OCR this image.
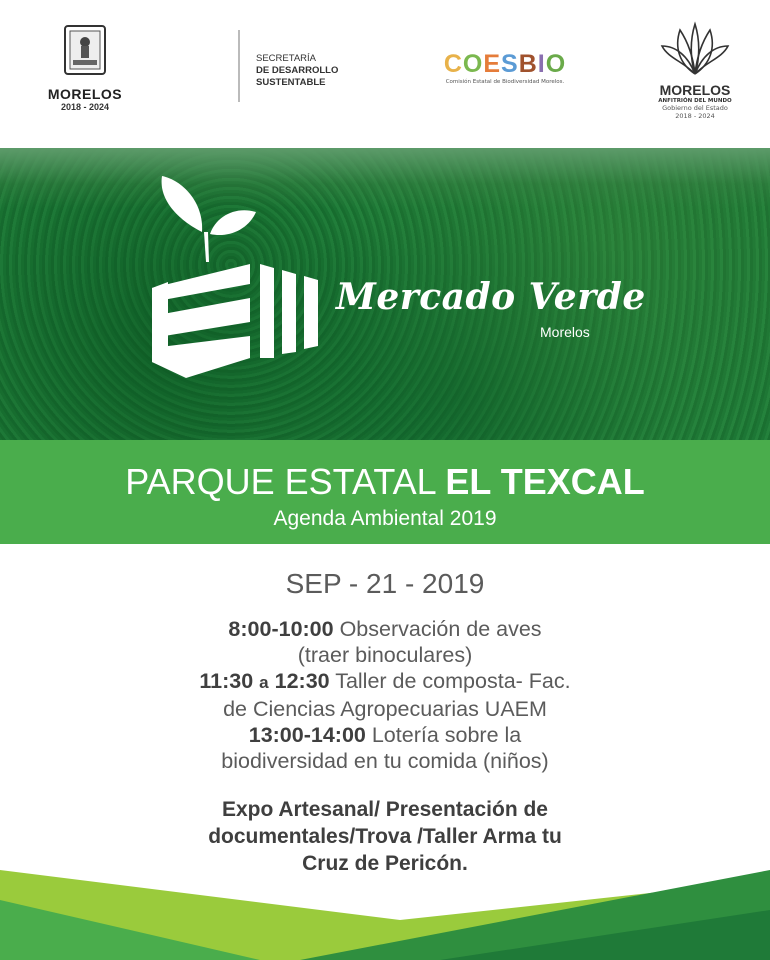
MORELOS
2018 - 2024
SECRETARÍA
DE DESARROLLO
SUSTENTABLE
COESBIO
Comisión Estatal de Biodiversidad Morelos.	MORELOS
ANFITRIÓN DEL MUNDO
Gobierno del Estado
2018 - 2024
Mercado Verde
Morelos
PARQUE ESTATAL EL TEXCAL
Agenda Ambiental 2019
SEP - 21 - 2019
8:00-10:00 Observación de aves
(traer binoculares)
11:30 a 12:30 Taller de composta- Fac.
de Ciencias Agropecuarias UAEM
13:00-14:00 Lotería sobre la
biodiversidad en tu comida (niños)
Expo Artesanal/ Presentación de
documentales/Trova /Taller Arma tu
Cruz de Pericón.
